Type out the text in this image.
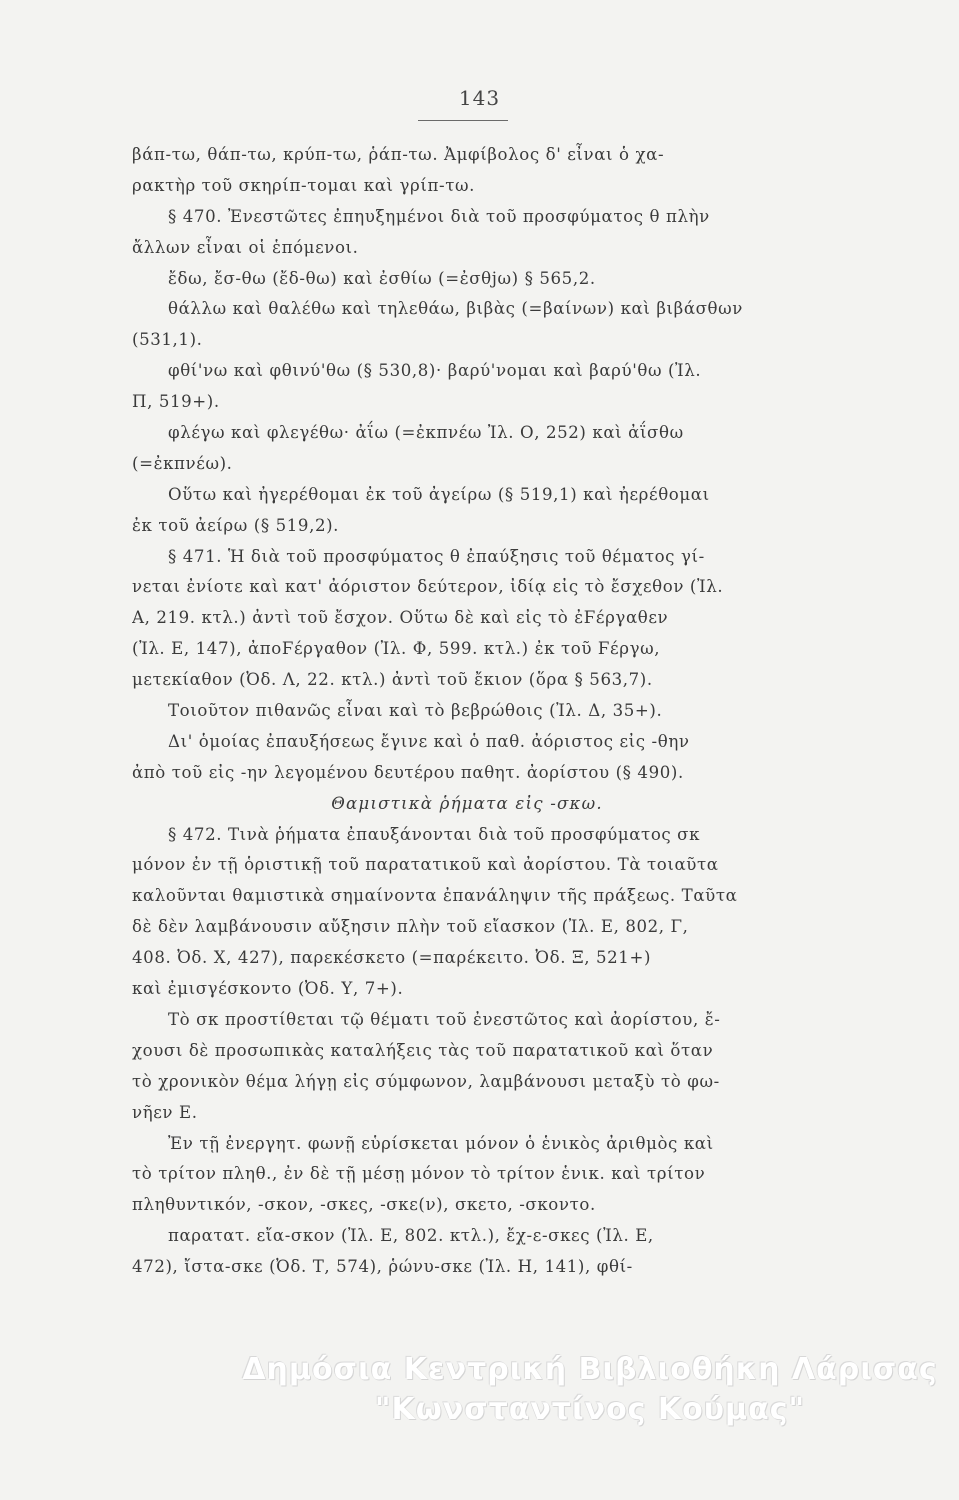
143
βάπ-τω, θάπ-τω, κρύπ-τω, ῥάπ-τω. Ἀμφίβολος δ' εἶναι ὁ χα-
ρακτὴρ τοῦ σκηρίπ-τομαι καὶ γρίπ-τω.
§ 470. Ἐνεστῶτες ἐπηυξημένοι διὰ τοῦ προσφύματος θ πλὴν
ἄλλων εἶναι οἱ ἑπόμενοι.
ἔδω, ἔσ-θω (ἔδ-θω) καὶ ἐσθίω (=ἐσθjω) § 565,2.
θάλλω καὶ θαλέθω καὶ τηλεθάω, βιβὰς (=βαίνων) καὶ βιβάσθων
(531,1).
φθί'νω καὶ φθινύ'θω (§ 530,8)· βαρύ'νομαι καὶ βαρύ'θω (Ἰλ.
Π, 519+).
φλέγω καὶ φλεγέθω· ἀΐω (=ἐκπνέω Ἰλ. Ο, 252) καὶ ἀΐσθω
(=ἐκπνέω).
Οὕτω καὶ ἠγερέθομαι ἐκ τοῦ ἀγείρω (§ 519,1) καὶ ἠερέθομαι
ἐκ τοῦ ἀείρω (§ 519,2).
§ 471. Ἡ διὰ τοῦ προσφύματος θ ἐπαύξησις τοῦ θέματος γί-
νεται ἐνίοτε καὶ κατ' ἀόριστον δεύτερον, ἰδίᾳ εἰς τὸ ἔσχεθον (Ἰλ.
Α, 219. κτλ.) ἀντὶ τοῦ ἔσχον. Οὕτω δὲ καὶ εἰς τὸ ἐϜέργαθεν
(Ἰλ. Ε, 147), ἀποϜέργαθον (Ἰλ. Φ, 599. κτλ.) ἐκ τοῦ Ϝέργω,
μετεκίαθον (Ὀδ. Λ, 22. κτλ.) ἀντὶ τοῦ ἔκιον (ὅρα § 563,7).
Τοιοῦτον πιθανῶς εἶναι καὶ τὸ βεβρώθοις (Ἰλ. Δ, 35+).
Δι' ὁμοίας ἐπαυξήσεως ἔγινε καὶ ὁ παθ. ἀόριστος εἰς -θην
ἀπὸ τοῦ εἰς -ην λεγομένου δευτέρου παθητ. ἀορίστου (§ 490).
Θαμιστικὰ ῥήματα εἰς -σκω.
§ 472. Τινὰ ῥήματα ἐπαυξάνονται διὰ τοῦ προσφύματος σκ
μόνον ἐν τῇ ὁριστικῇ τοῦ παρατατικοῦ καὶ ἀορίστου. Τὰ τοιαῦτα
καλοῦνται θαμιστικὰ σημαίνοντα ἐπανάληψιν τῆς πράξεως. Ταῦτα
δὲ δὲν λαμβάνουσιν αὔξησιν πλὴν τοῦ εἴασκον (Ἰλ. Ε, 802, Γ,
408. Ὀδ. Χ, 427), παρεκέσκετο (=παρέκειτο. Ὀδ. Ξ, 521+)
καὶ ἐμισγέσκοντο (Ὀδ. Υ, 7+).
Τὸ σκ προστίθεται τῷ θέματι τοῦ ἐνεστῶτος καὶ ἀορίστου, ἔ-
χουσι δὲ προσωπικὰς καταλήξεις τὰς τοῦ παρατατικοῦ καὶ ὅταν
τὸ χρονικὸν θέμα λήγῃ εἰς σύμφωνον, λαμβάνουσι μεταξὺ τὸ φω-
νῆεν Ε.
Ἐν τῇ ἐνεργητ. φωνῇ εὑρίσκεται μόνον ὁ ἑνικὸς ἀριθμὸς καὶ
τὸ τρίτον πληθ., ἐν δὲ τῇ μέσῃ μόνον τὸ τρίτον ἑνικ. καὶ τρίτον
πληθυντικόν, -σκον, -σκες, -σκε(ν), σκετο, -σκοντο.
παρατατ. εἴα-σκον (Ἰλ. Ε, 802. κτλ.), ἔχ-ε-σκες (Ἰλ. Ε,
472), ἴστα-σκε (Ὀδ. Τ, 574), ῥώνυ-σκε (Ἰλ. Η, 141), φθί-
Δημόσια Κεντρική Βιβλιοθήκη Λάρισας
"Κωνσταντίνος Κούμας"
